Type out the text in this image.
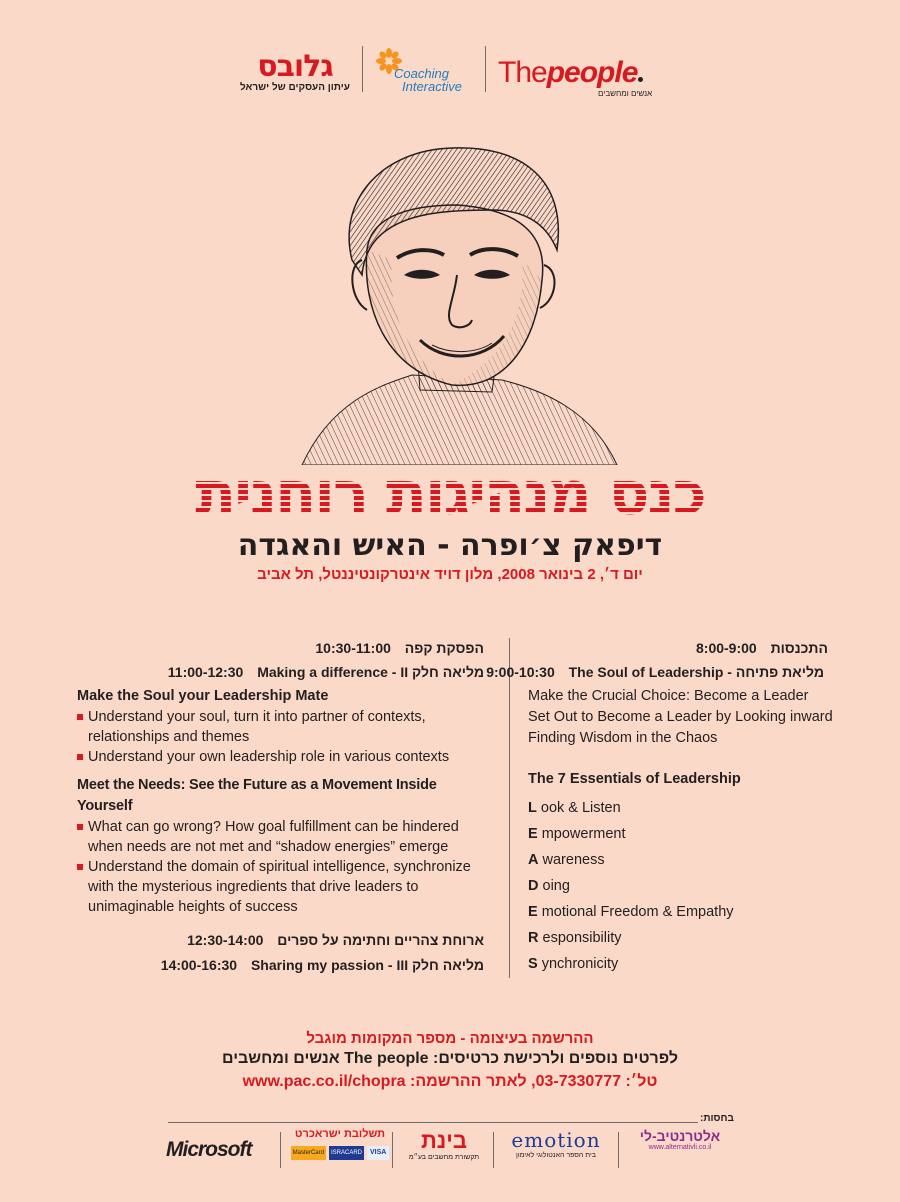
גלובס
עיתון העסקים של ישראל
Coaching
Interactive Thepeople
אנשים ומחשבים
כנס מנהיגות רוחנית
דיפאק צ׳ופרה - האיש והאגדה
יום ד׳, 2 בינואר 2008, מלון דויד אינטרקונטיננטל, תל אביב
התכנסות 8:00-9:00
מליאת פתיחה - The Soul of Leadership 9:00-10:30
Make the Crucial Choice: Become a Leader
Set Out to Become a Leader by Looking inward
Finding Wisdom in the Chaos
The 7 Essentials of Leadership
L ook & Listen
E mpowerment
A wareness
D oing
E motional Freedom & Empathy
R esponsibility
S ynchronicity
הפסקת קפה 10:30-11:00
מליאה חלק II - Making a difference 11:00-12:30
Make the Soul your Leadership Mate
Understand your soul, turn it into partner of contexts, relationships and themes
Understand your own leadership role in various contexts
Meet the Needs: See the Future as a Movement Inside Yourself
What can go wrong? How goal fulfillment can be hindered when needs are not met and “shadow energies” emerge
Understand the domain of spiritual intelligence, synchronize with the mysterious ingredients that drive leaders to unimaginable heights of success
ארוחת צהריים וחתימה על ספרים 12:30-14:00
מליאה חלק III - Sharing my passion 14:00-16:30
ההרשמה בעיצומה - מספר המקומות מוגבל
לפרטים נוספים ולרכישת כרטיסים: The people אנשים ומחשבים
טל׳: 03-7330777, לאתר ההרשמה: www.pac.co.il/chopra
בחסות:
Microsoft
תשלובת ישראכרט
MasterCard	ISRACARD	VISA	בינת
תקשורת מחשבים בע״מ
emotion
בית הספר האנטולוגי לאימון
אלטרנטיב-לי
www.alternativli.co.il
